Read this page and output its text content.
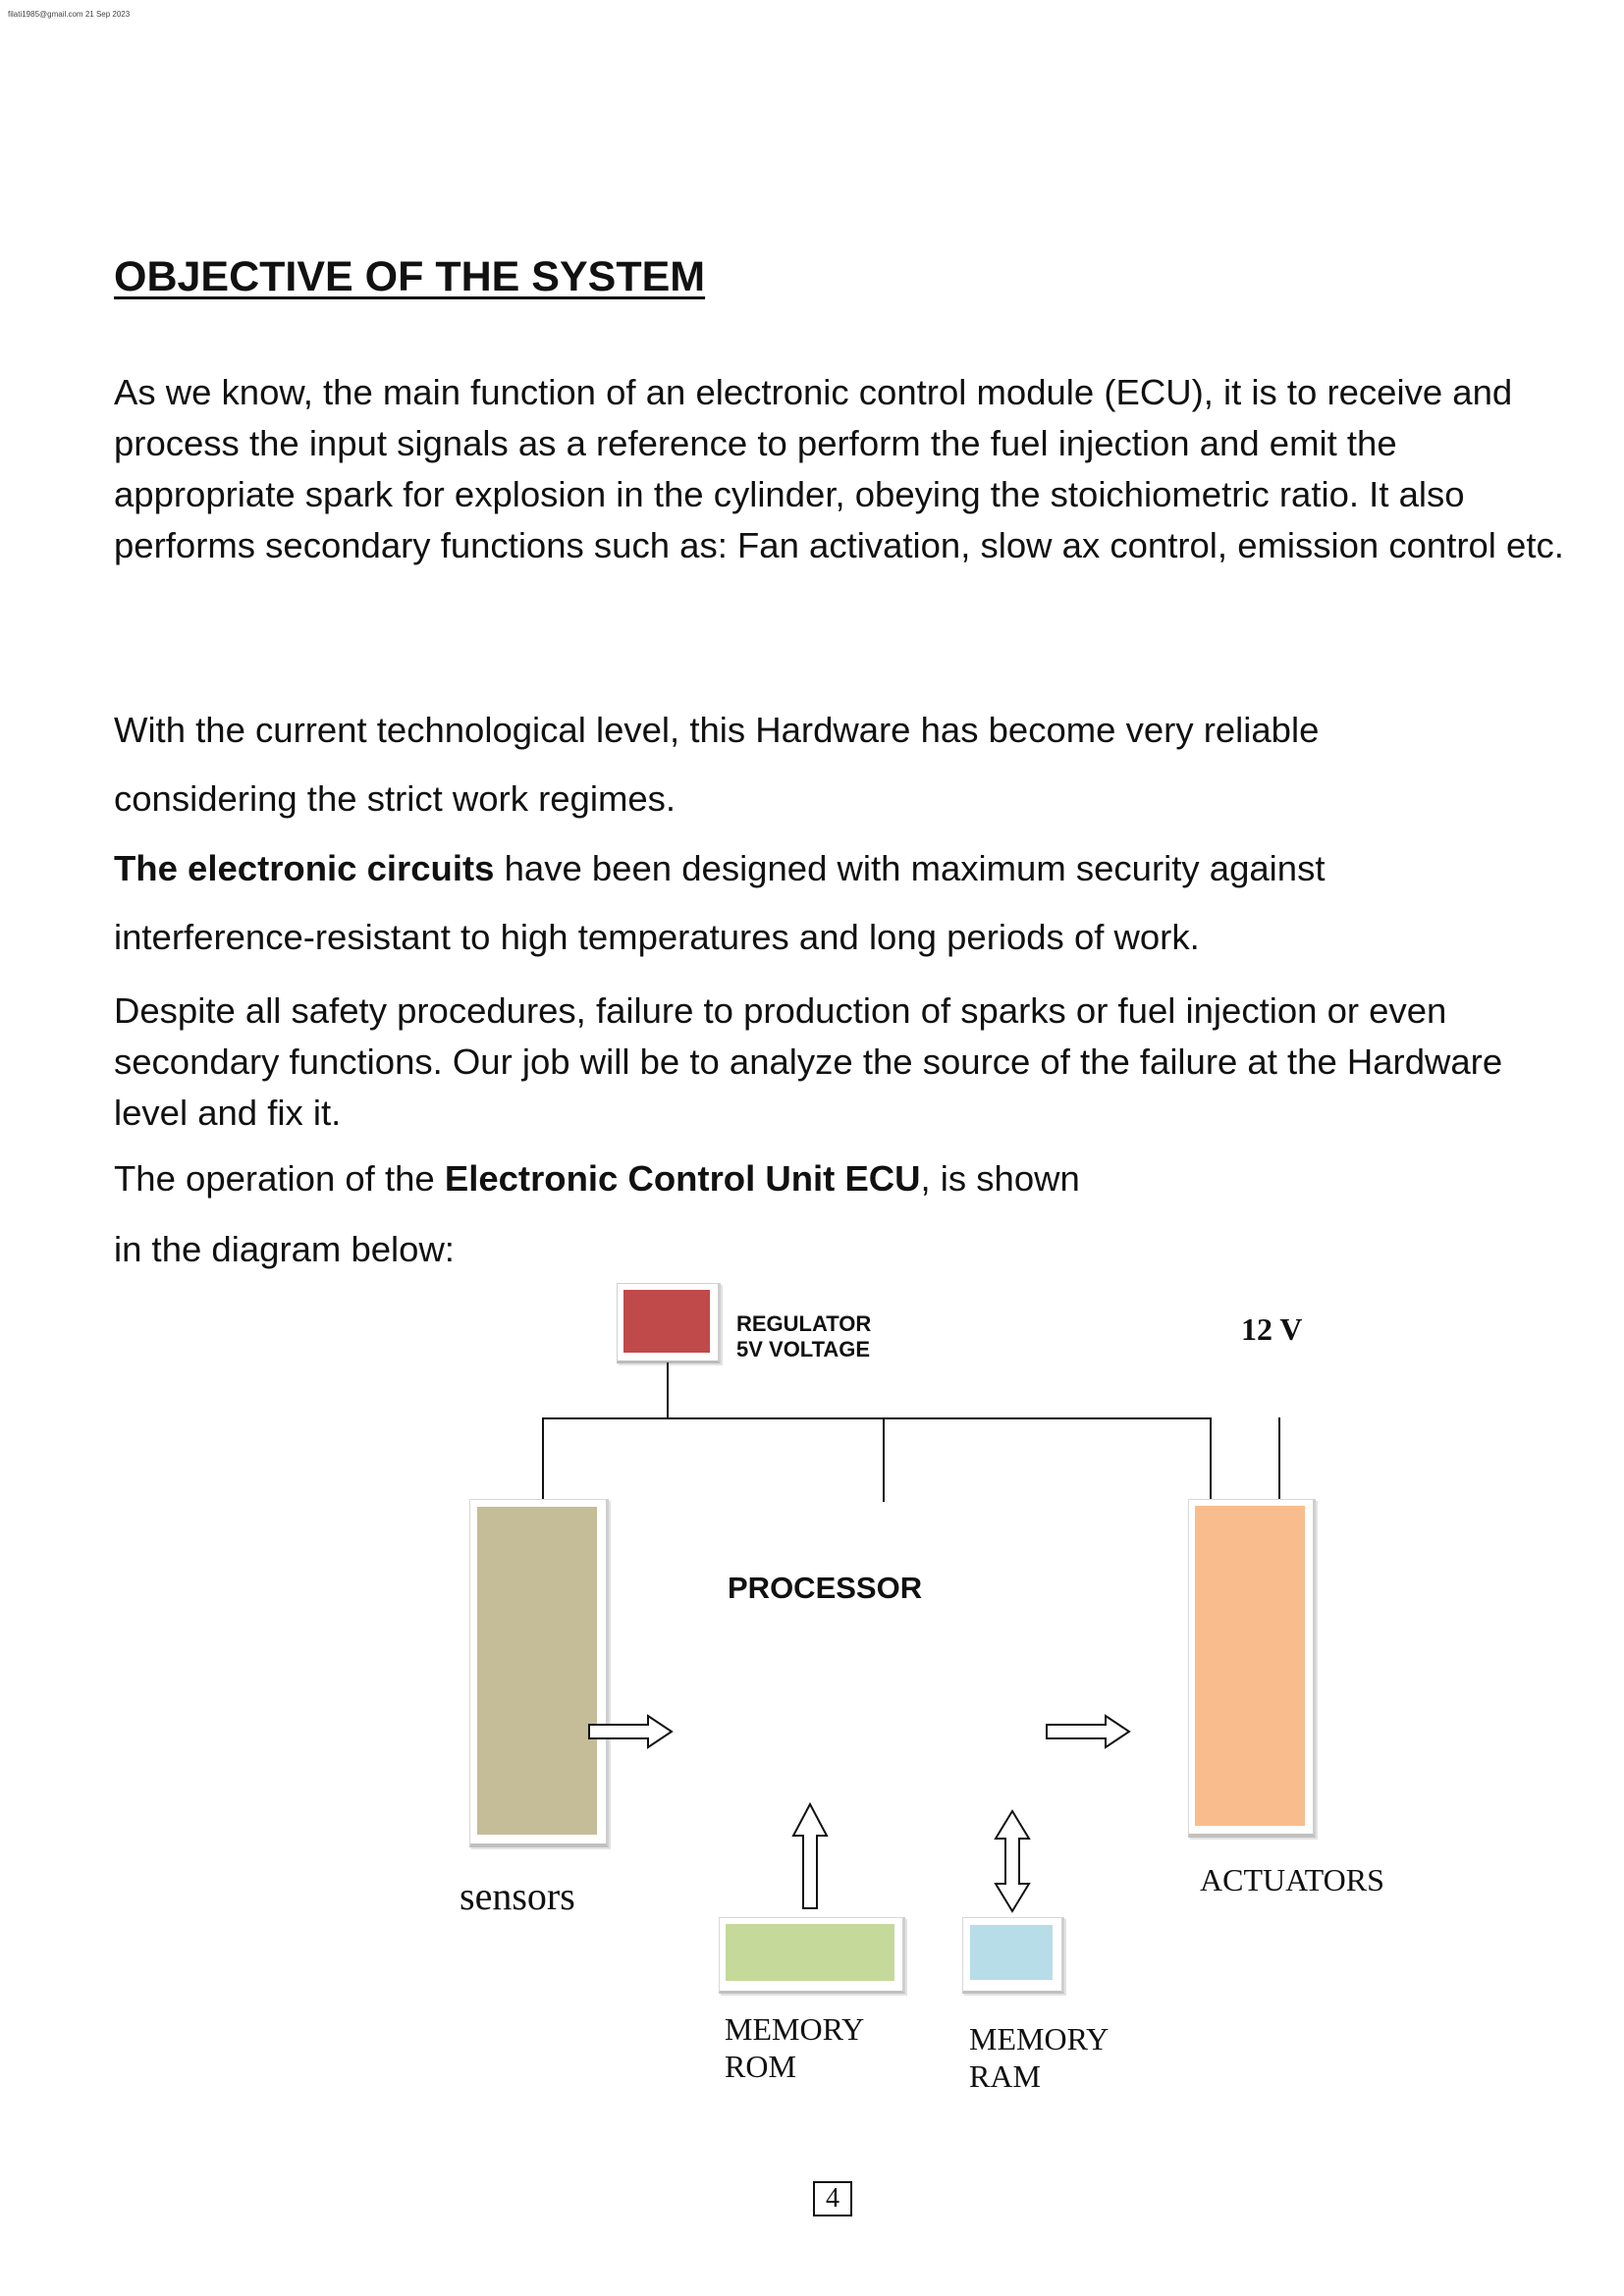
filati1985@gmail.com 21 Sep 2023
OBJECTIVE OF THE SYSTEM

As we know, the main function of an electronic control module (ECU), it is to receive and process the input signals as a reference to perform the fuel injection and emit the appropriate spark for explosion in the cylinder, obeying the stoichiometric ratio. It also performs secondary functions such as: Fan activation, slow ax control, emission control etc.

With the current technological level, this Hardware has become very reliable
considering the strict work regimes.

The electronic circuits have been designed with maximum security against
interference-resistant to high temperatures and long periods of work.

Despite all safety procedures, failure to production of sparks or fuel injection or even secondary functions. Our job will be to analyze the source of the failure at the Hardware level and fix it.

The operation of the Electronic Control Unit ECU, is shown

in the diagram below:

REGULATOR
5V VOLTAGE
12 V
sensors
PROCESSOR
ACTUATORS
MEMORY
ROM
MEMORY
RAM
4
